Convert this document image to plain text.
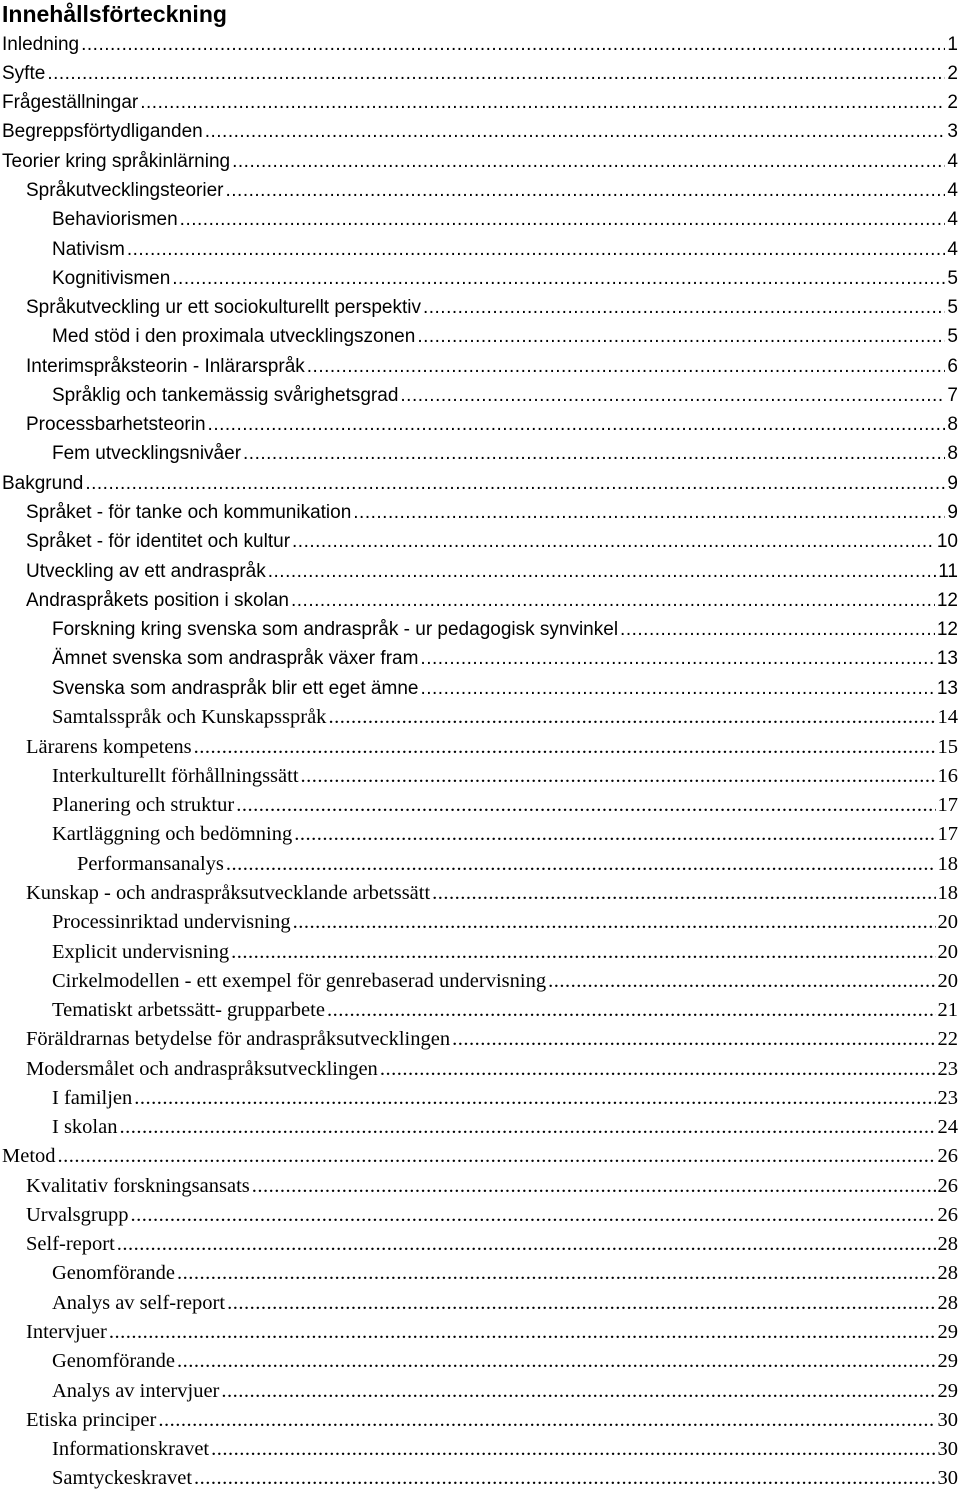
Innehållsförteckning
Inledning .....	1
Syfte .....	2
Frågeställningar .....	2
Begreppsförtydliganden .....	3
Teorier kring språkinlärning .....	4
Språkutvecklingsteorier .....	4
Behaviorismen .....	4
Nativism .....	4
Kognitivismen .....	5
Språkutveckling ur ett sociokulturellt perspektiv .....	5
Med stöd i den proximala utvecklingszonen .....	5
Interimspråksteorin - Inlärarspråk .....	6
Språklig och tankemässig svårighetsgrad .....	7
Processbarhetsteorin .....	8
Fem utvecklingsnivåer .....	8
Bakgrund .....	9
Språket - för tanke och kommunikation .....	9
Språket - för identitet och kultur .....	10
Utveckling av ett andraspråk .....	11
Andraspråkets position i skolan .....	12
Forskning kring svenska som andraspråk - ur pedagogisk synvinkel .....	12
Ämnet svenska som andraspråk växer fram .....	13
Svenska som andraspråk blir ett eget ämne .....	13
Samtalsspråk och Kunskapsspråk .....	14
Lärarens kompetens .....	15
Interkulturellt förhållningssätt .....	16
Planering och struktur .....	17
Kartläggning och bedömning .....	17
Performansanalys .....	18
Kunskap - och andraspråksutvecklande arbetssätt .....	18
Processinriktad undervisning .....	20
Explicit undervisning .....	20
Cirkelmodellen - ett exempel för genrebaserad undervisning .....	20
Tematiskt arbetssätt- grupparbete .....	21
Föräldrarnas betydelse för andraspråksutvecklingen .....	22
Modersmålet och andraspråksutvecklingen .....	23
I familjen .....	23
I skolan .....	24
Metod .....	26
Kvalitativ forskningsansats .....	26
Urvalsgrupp .....	26
Self-report .....	28
Genomförande .....	28
Analys av self-report .....	28
Intervjuer .....	29
Genomförande .....	29
Analys av intervjuer .....	29
Etiska principer .....	30
Informationskravet .....	30
Samtyckeskravet .....	30
